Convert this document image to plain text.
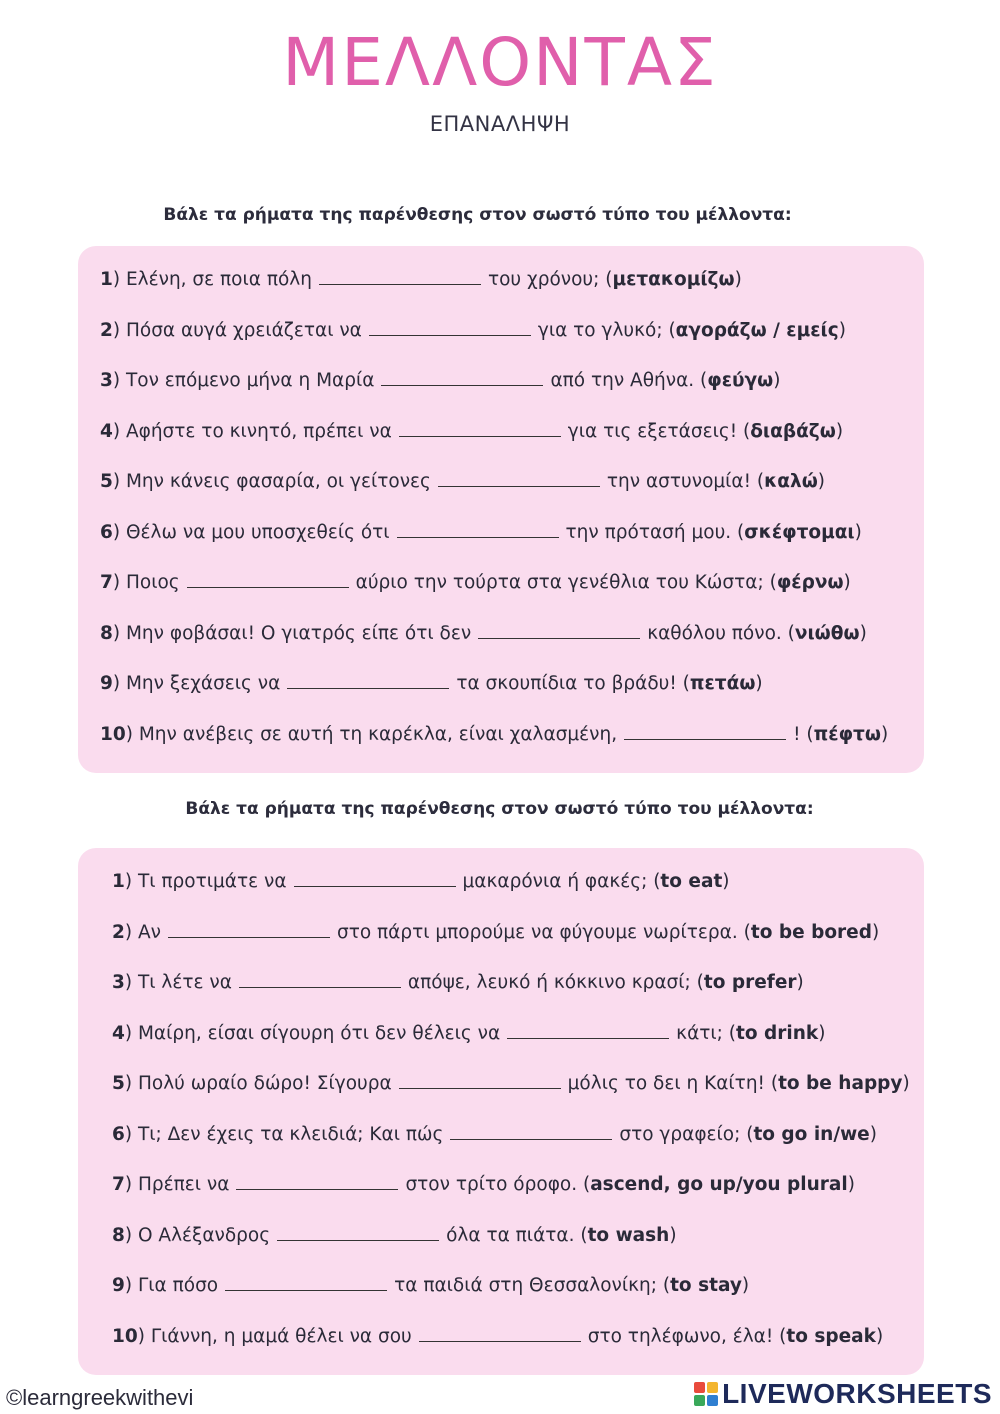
ΜΕΛΛΟΝΤΑΣ
ΕΠΑΝΑΛΗΨΗ
Βάλε τα ρήματα της παρένθεσης στον σωστό τύπο του μέλλοντα:
1) Ελένη, σε ποια πόλη	του χρόνου; (μετακομίζω)
2) Πόσα αυγά χρειάζεται να	για το γλυκό; (αγοράζω / εμείς)
3) Τον επόμενο μήνα η Μαρία	από την Αθήνα. (φεύγω)
4) Αφήστε το κινητό, πρέπει να	για τις εξετάσεις! (διαβάζω)
5) Μην κάνεις φασαρία, οι γείτονες	την αστυνομία! (καλώ)
6) Θέλω να μου υποσχεθείς ότι	την πρότασή μου. (σκέφτομαι)
7) Ποιος	αύριο την τούρτα στα γενέθλια του Κώστα; (φέρνω)
8) Μην φοβάσαι! Ο γιατρός είπε ότι δεν	καθόλου πόνο. (νιώθω)
9) Μην ξεχάσεις να	τα σκουπίδια το βράδυ! (πετάω)
10) Μην ανέβεις σε αυτή τη καρέκλα, είναι χαλασμένη,	! (πέφτω)
Βάλε τα ρήματα της παρένθεσης στον σωστό τύπο του μέλλοντα:
1) Τι προτιμάτε να	μακαρόνια ή φακές; (to eat)
2) Αν	στο πάρτι μπορούμε να φύγουμε νωρίτερα. (to be bored)
3) Τι λέτε να	απόψε, λευκό ή κόκκινο κρασί; (to prefer)
4) Μαίρη, είσαι σίγουρη ότι δεν θέλεις να	κάτι; (to drink)
5) Πολύ ωραίο δώρο! Σίγουρα	μόλις το δει η Καίτη! (to be happy)
6) Τι; Δεν έχεις τα κλειδιά; Και πώς	στο γραφείο; (to go in/we)
7) Πρέπει να	στον τρίτο όροφο. (ascend, go up/you plural)
8) Ο Αλέξανδρος	όλα τα πιάτα. (to wash)
9) Για πόσο	τα παιδιά στη Θεσσαλονίκη; (to stay)
10) Γιάννη, η μαμά θέλει να σου	στο τηλέφωνο, έλα! (to speak)
©learngreekwithevi	LIVEWORKSHEETS
